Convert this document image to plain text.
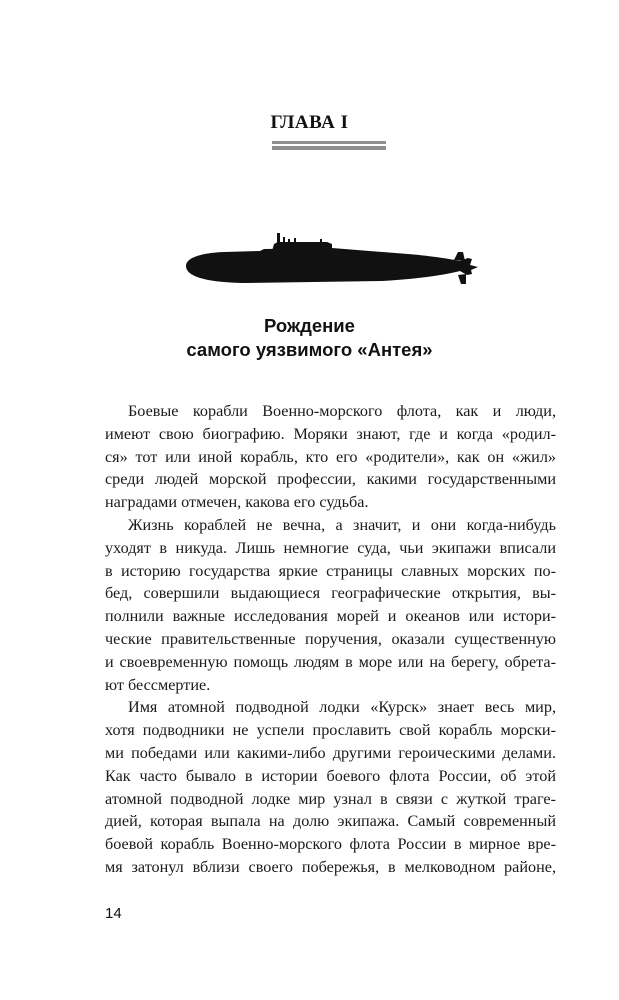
ГЛАВА I
Рождение
самого уязвимого «Антея»

Боевые корабли Военно-морского флота, как и люди,
имеют свою биографию. Моряки знают, где и когда «родил-
ся» тот или иной корабль, кто его «родители», как он «жил»
среди людей морской профессии, какими государственными
наградами отмечен, какова его судьба.

Жизнь кораблей не вечна, а значит, и они когда-нибудь
уходят в никуда. Лишь немногие суда, чьи экипажи вписали
в историю государства яркие страницы славных морских по-
бед, совершили выдающиеся географические открытия, вы-
полнили важные исследования морей и океанов или истори-
ческие правительственные поручения, оказали существенную
и своевременную помощь людям в море или на берегу, обрета-
ют бессмертие.

Имя атомной подводной лодки «Курск» знает весь мир,
хотя подводники не успели прославить свой корабль морски-
ми победами или какими-либо другими героическими делами.
Как часто бывало в истории боевого флота России, об этой
атомной подводной лодке мир узнал в связи с жуткой траге-
дией, которая выпала на долю экипажа. Самый современный
боевой корабль Военно-морского флота России в мирное вре-
мя затонул вблизи своего побережья, в мелководном районе,

14
